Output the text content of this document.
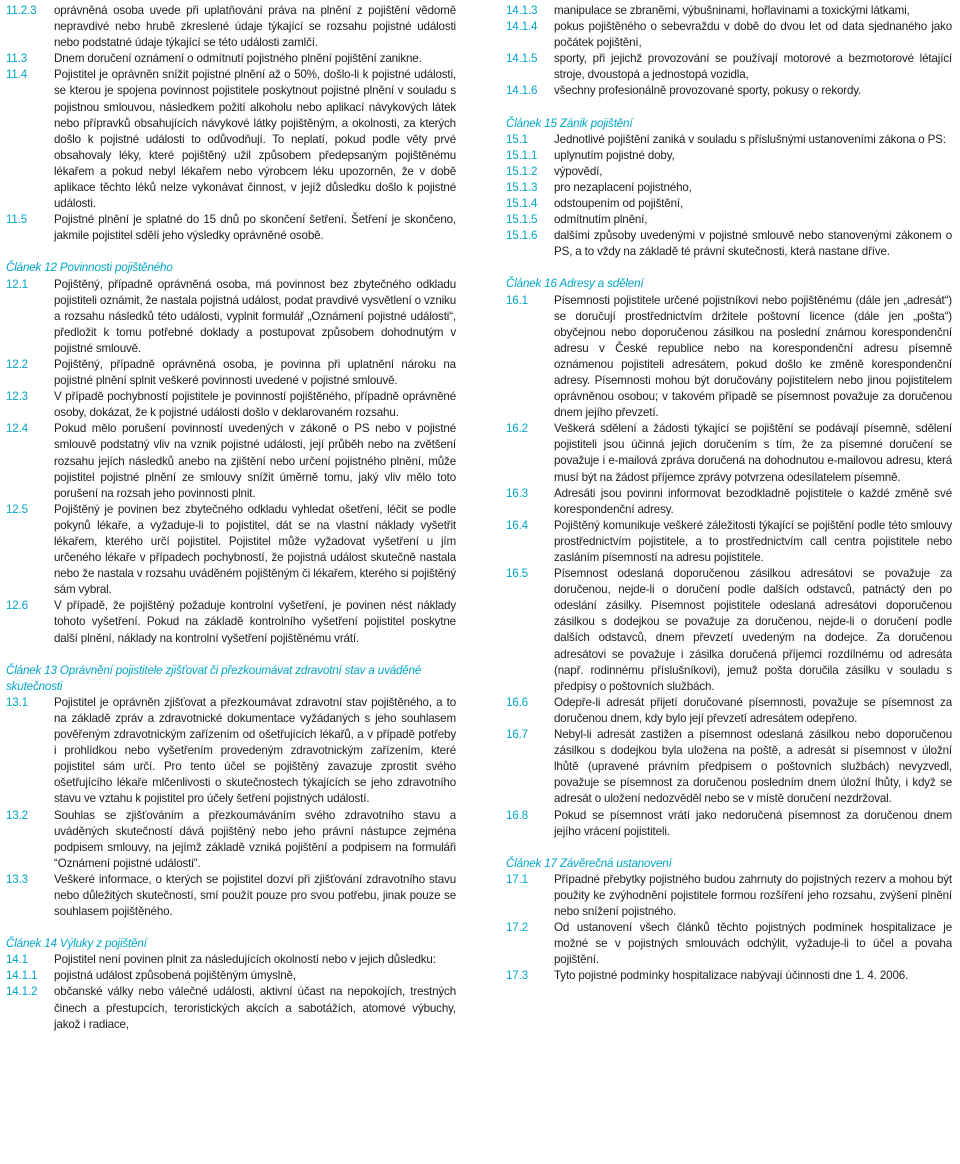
11.2.3	oprávněná osoba uvede při uplatňování práva na plnění z pojištění vědomě nepravdivé nebo hrubě zkreslené údaje týkající se rozsahu pojistné události nebo podstatné údaje týkající se této události zamlčí.
11.3	Dnem doručení oznámení o odmítnutí pojistného plnění pojištění zanikne.
11.4	Pojistitel je oprávněn snížit pojistné plnění až o 50%, došlo-li k pojistné události, se kterou je spojena povinnost pojistitele poskytnout pojistné plnění v souladu s pojistnou smlouvou, následkem požití alkoholu nebo aplikací návykových látek nebo přípravků obsahujících návykové látky pojištěným, a okolnosti, za kterých došlo k pojistné události to odůvodňují. To neplatí, pokud podle věty prvé obsahovaly léky, které pojištěný užil způsobem předepsaným pojištěnému lékařem a pokud nebyl lékařem nebo výrobcem léku upozorněn, že v době aplikace těchto léků nelze vykonávat činnost, v jejíž důsledku došlo k pojistné události.
11.5	Pojistné plnění je splatné do 15 dnů po skončení šetření. Šetření je skončeno, jakmile pojistitel sdělí jeho výsledky oprávněné osobě.
Článek 12 Povinnosti pojištěného
12.1	Pojištěný, případně oprávněná osoba, má povinnost bez zbytečného odkladu pojistiteli oznámit, že nastala pojistná událost, podat pravdivé vysvětlení o vzniku a rozsahu následků této události, vyplnit formulář „Oznámení pojistné události“, předložit k tomu potřebné doklady a postupovat způsobem dohodnutým v pojistné smlouvě.
12.2	Pojištěný, případně oprávněná osoba, je povinna při uplatnění nároku na pojistné plnění splnit veškeré povinnosti uvedené v pojistné smlouvě.
12.3	V případě pochybností pojistitele je povinností pojištěného, případně oprávněné osoby, dokázat, že k pojistné události došlo v deklarovaném rozsahu.
12.4	Pokud mělo porušení povinností uvedených v zákoně o PS nebo v pojistné smlouvě podstatný vliv na vznik pojistné události, její průběh nebo na zvětšení rozsahu jejích následků anebo na zjištění nebo určení pojistného plnění, může pojistitel pojistné plnění ze smlouvy snížit úměrně tomu, jaký vliv mělo toto porušení na rozsah jeho povinnosti plnit.
12.5	Pojištěný je povinen bez zbytečného odkladu vyhledat ošetření, léčit se podle pokynů lékaře, a vyžaduje-li to pojistitel, dát se na vlastní náklady vyšetřit lékařem, kterého určí pojistitel. Pojistitel může vyžadovat vyšetření u jím určeného lékaře v případech pochybností, že pojistná událost skutečně nastala nebo že nastala v rozsahu uváděném pojištěným či lékařem, kterého si pojištěný sám vybral.
12.6	V případě, že pojištěný požaduje kontrolní vyšetření, je povinen nést náklady tohoto vyšetření. Pokud na základě kontrolního vyšetření pojistitel poskytne další plnění, náklady na kontrolní vyšetření pojištěnému vrátí.
Článek 13 Oprávnění pojistitele zjišťovat či přezkoumávat zdravotní stav a uváděné skutečnosti
13.1	Pojistitel je oprávněn zjišťovat a přezkoumávat zdravotní stav pojištěného, a to na základě zpráv a zdravotnické dokumentace vyžádaných s jeho souhlasem pověřeným zdravotnickým zařízením od ošetřujících lékařů, a v případě potřeby i prohlídkou nebo vyšetřením provedeným zdravotnickým zařízením, které pojistitel sám určí. Pro tento účel se pojištěný zavazuje zprostit svého ošetřujícího lékaře mlčenlivosti o skutečnostech týkajících se jeho zdravotního stavu ve vztahu k pojistitel pro účely šetření pojistných událostí.
13.2	Souhlas se zjišťováním a přezkoumáváním svého zdravotního stavu a uváděných skutečností dává pojištěný nebo jeho právní nástupce zejména podpisem smlouvy, na jejímž základě vzniká pojištění a podpisem na formuláři “Oznámení pojistné události”.
13.3	Veškeré informace, o kterých se pojistitel dozví při zjišťování zdravotního stavu nebo důležitých skutečností, smí použít pouze pro svou potřebu, jinak pouze se souhlasem pojištěného.
Článek 14 Výluky z pojištění
14.1	Pojistitel není povinen plnit za následujících okolností nebo v jejich důsledku:
14.1.1	pojistná událost způsobená pojištěným úmyslně,
14.1.2	občanské války nebo válečné události, aktivní účast na nepokojích, trestných činech a přestupcích, teroristických akcích a sabotážích, atomové výbuchy, jakož i radiace,
14.1.3	manipulace se zbraněmi, výbušninami, hořlavinami a toxickými látkami,
14.1.4	pokus pojištěného o sebevraždu v době do dvou let od data sjednaného jako počátek pojištění,
14.1.5	sporty, při jejichž provozování se používají motorové a bezmotorové létající stroje, dvoustopá a jednostopá vozidla,
14.1.6	všechny profesionálně provozované sporty, pokusy o rekordy.
Článek 15 Zánik pojištění
15.1	Jednotlivé pojištění zaniká v souladu s příslušnými ustanoveními zákona o PS:
15.1.1	uplynutím pojistné doby,
15.1.2	výpovědí,
15.1.3	pro nezaplacení pojistného,
15.1.4	odstoupením od pojištění,
15.1.5	odmítnutím plnění,
15.1.6	dalšími způsoby uvedenými v pojistné smlouvě nebo stanovenými zákonem o PS, a to vždy na základě té právní skutečnosti, která nastane dříve.
Článek 16 Adresy a sdělení
16.1	Písemnosti pojistitele určené pojistníkovi nebo pojištěnému (dále jen „adresát“) se doručují prostřednictvím držitele poštovní licence (dále jen „pošta“) obyčejnou nebo doporučenou zásilkou na poslední známou korespondenční adresu v České republice nebo na korespondenční adresu písemně oznámenou pojistiteli adresátem, pokud došlo ke změně korespondenční adresy. Písemnosti mohou být doručovány pojistitelem nebo jinou pojistitelem oprávněnou osobou; v takovém případě se písemnost považuje za doručenou dnem jejího převzetí.
16.2	Veškerá sdělení a žádosti týkající se pojištění se podávají písemně, sdělení pojistiteli jsou účinná jejich doručením s tím, že za písemné doručení se považuje i e-mailová zpráva doručená na dohodnutou e-mailovou adresu, která musí být na žádost příjemce zprávy potvrzena odesílatelem písemně.
16.3	Adresáti jsou povinni informovat bezodkladně pojistitele o každé změně své korespondenční adresy.
16.4	Pojištěný komunikuje veškeré záležitosti týkající se pojištění podle této smlouvy prostřednictvím pojistitele, a to prostřednictvím call centra pojistitele nebo zasláním písemností na adresu pojistitele.
16.5	Písemnost odeslaná doporučenou zásilkou adresátovi se považuje za doručenou, nejde-li o doručení podle dalších odstavců, patnáctý den po odeslání zásilky. Písemnost pojistitele odeslaná adresátovi doporučenou zásilkou s dodejkou se považuje za doručenou, nejde-li o doručení podle dalších odstavců, dnem převzetí uvedeným na dodejce. Za doručenou adresátovi se považuje i zásilka doručená příjemci rozdílnému od adresáta (např. rodinnému příslušníkovi), jemuž pošta doručila zásilku v souladu s předpisy o poštovních službách.
16.6	Odepře-li adresát přijetí doručované písemnosti, považuje se písemnost za doručenou dnem, kdy bylo její převzetí adresátem odepřeno.
16.7	Nebyl-li adresát zastižen a písemnost odeslaná zásilkou nebo doporučenou zásilkou s dodejkou byla uložena na poště, a adresát si písemnost v úložní lhůtě (upravené právním předpisem o poštovních službách) nevyzvedl, považuje se písemnost za doručenou posledním dnem úložní lhůty, i když se adresát o uložení nedozvěděl nebo se v místě doručení nezdržoval.
16.8	Pokud se písemnost vrátí jako nedoručená písemnost za doručenou dnem jejího vrácení pojistiteli.
Článek 17 Závěrečná ustanovení
17.1	Případné přebytky pojistného budou zahrnuty do pojistných rezerv a mohou být použity ke zvýhodnění pojistitele formou rozšíření jeho rozsahu, zvýšení plnění nebo snížení pojistného.
17.2	Od ustanovení všech článků těchto pojistných podmínek hospitalizace je možné se v pojistných smlouvách odchýlit, vyžaduje-li to účel a povaha pojištění.
17.3	Tyto pojistné podmínky hospitalizace nabývají účinnosti dne 1. 4. 2006.
